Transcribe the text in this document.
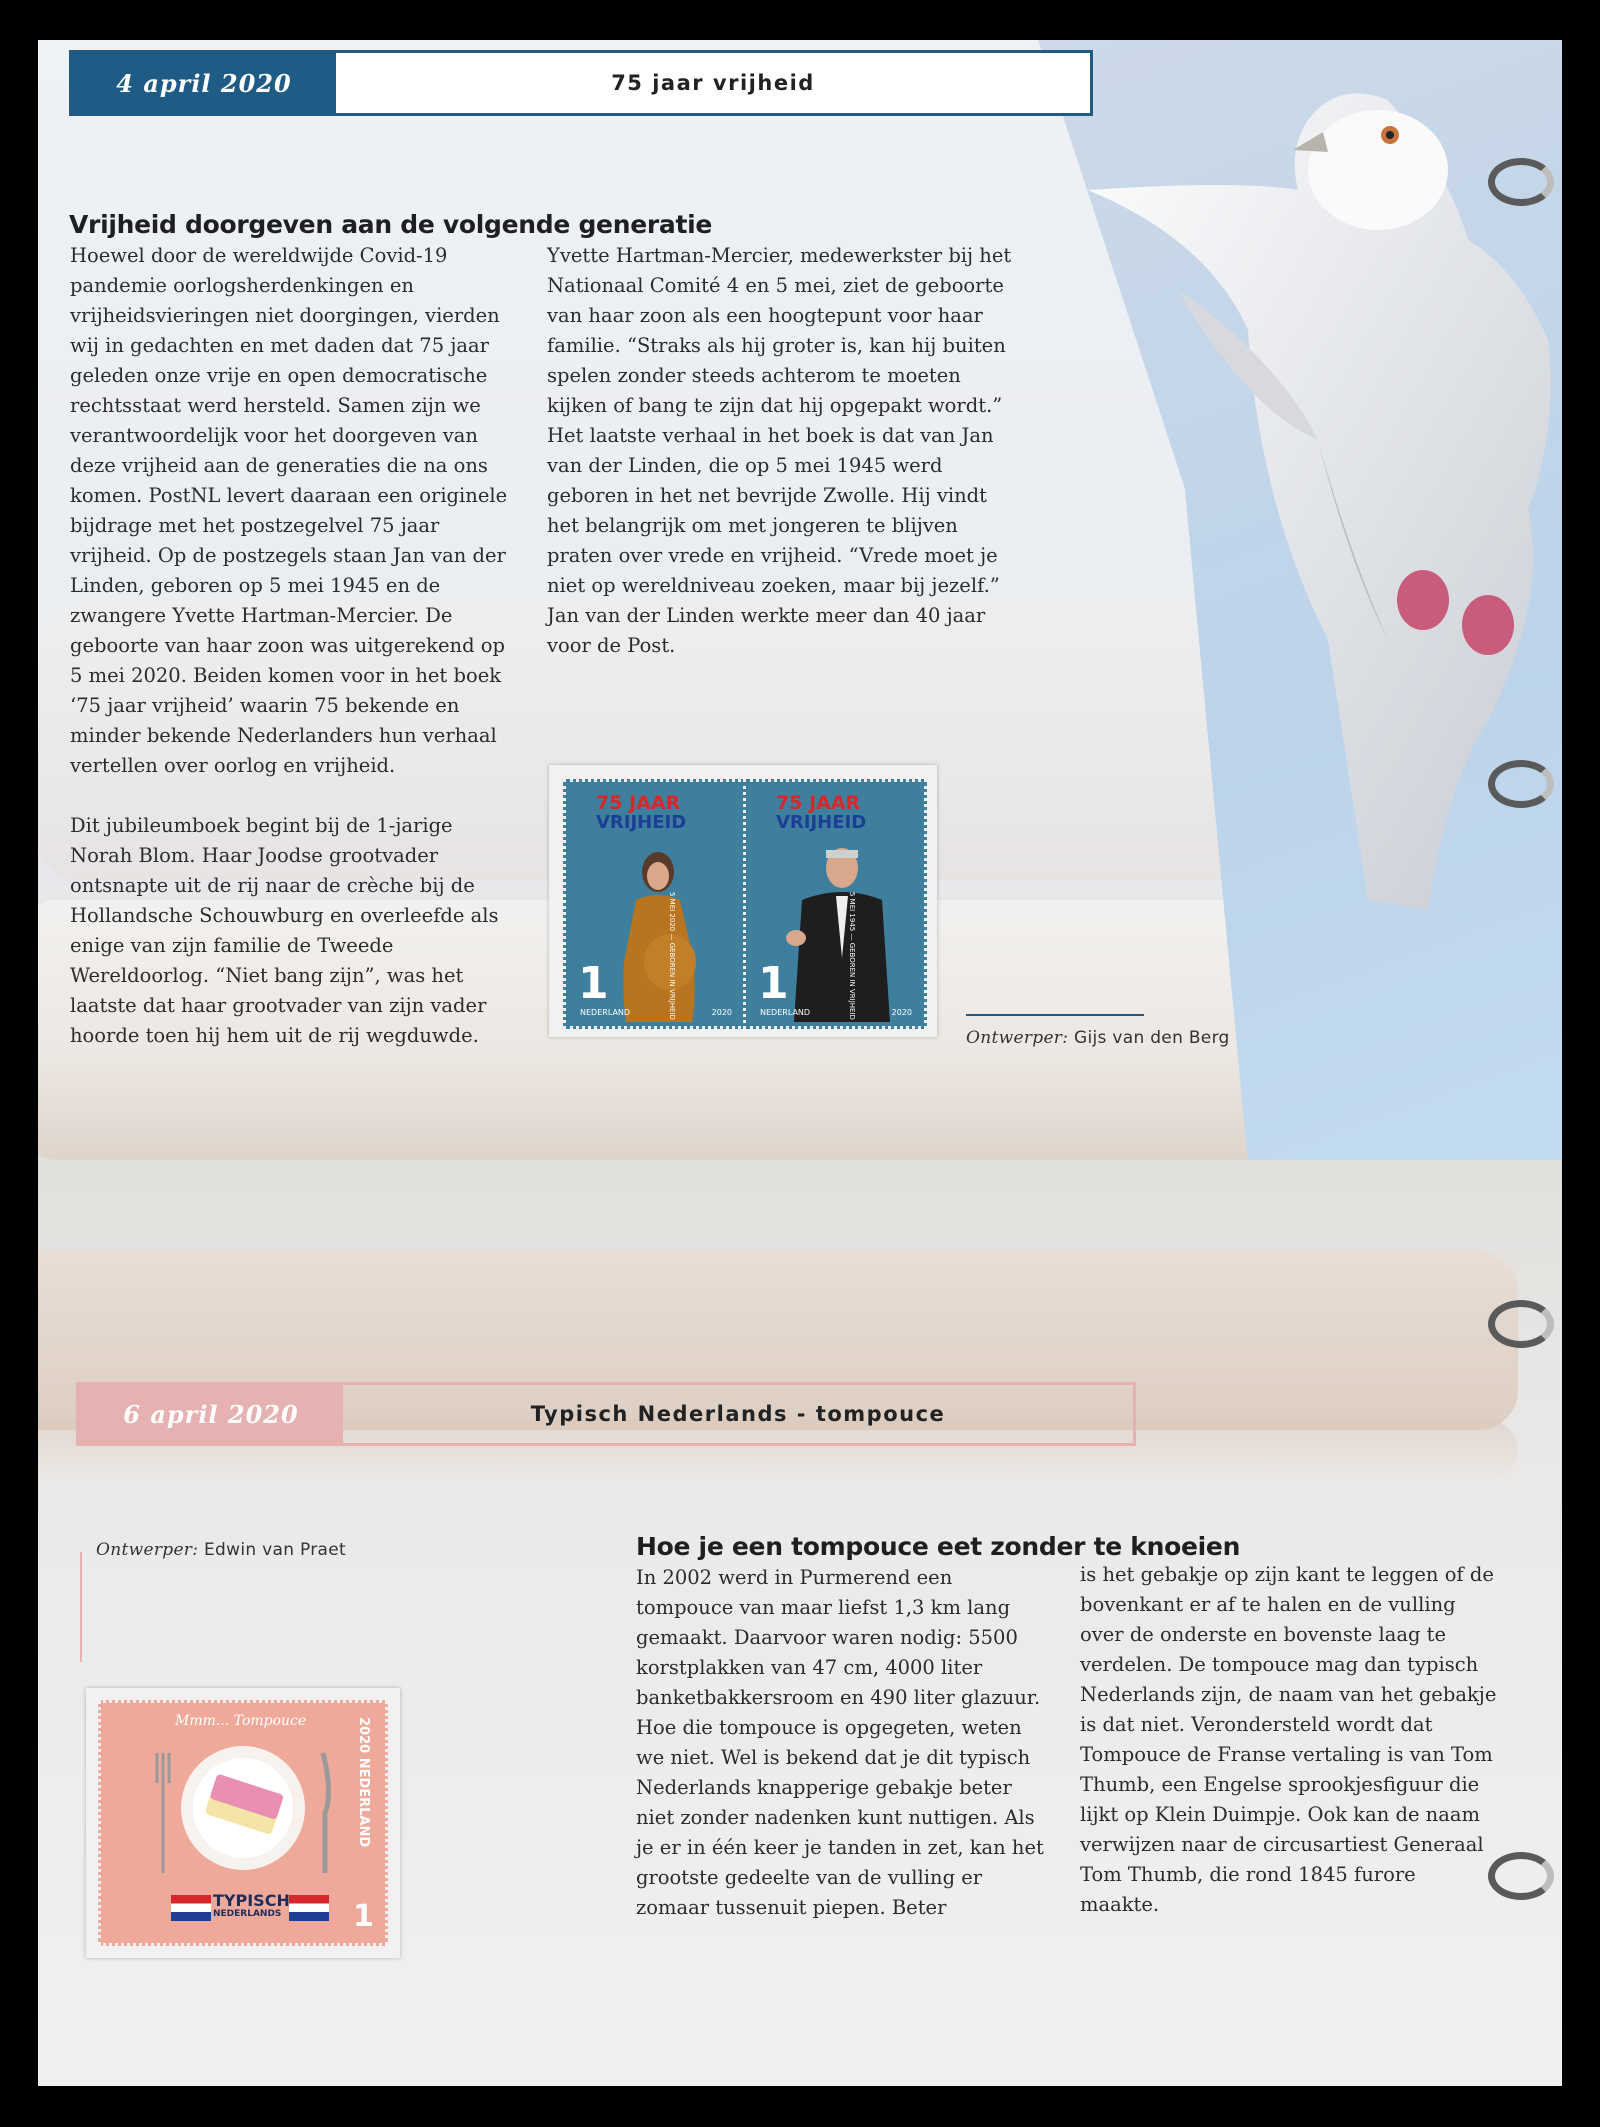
4 april 2020	75 jaar vrijheid
Vrijheid doorgeven aan de volgende generatie

Hoewel door de wereldwijde Covid-19 pandemie oorlogsherdenkingen en vrijheidsvieringen niet doorgingen, vierden wij in gedachten en met daden dat 75 jaar geleden onze vrije en open democratische rechtsstaat werd hersteld. Samen zijn we verantwoordelijk voor het doorgeven van deze vrijheid aan de generaties die na ons komen. PostNL levert daaraan een originele bijdrage met het postzegelvel 75 jaar vrijheid. Op de postzegels staan Jan van der Linden, geboren op 5 mei 1945 en de zwangere Yvette Hartman-Mercier. De geboorte van haar zoon was uitgerekend op 5 mei 2020. Beiden komen voor in het boek ‘75 jaar vrijheid’ waarin 75 bekende en minder bekende Nederlanders hun verhaal vertellen over oorlog en vrijheid.

Dit jubileumboek begint bij de 1-jarige Norah Blom. Haar Joodse grootvader ontsnapte uit de rij naar de crèche bij de Hollandsche Schouwburg en overleefde als enige van zijn familie de Tweede Wereldoorlog. “Niet bang zijn”, was het laatste dat haar grootvader van zijn vader hoorde toen hij hem uit de rij wegduwde.

Yvette Hartman-Mercier, medewerkster bij het Nationaal Comité 4 en 5 mei, ziet de geboorte van haar zoon als een hoogtepunt voor haar familie. “Straks als hij groter is, kan hij buiten spelen zonder steeds achterom te moeten kijken of bang te zijn dat hij opgepakt wordt.” Het laatste verhaal in het boek is dat van Jan van der Linden, die op 5 mei 1945 werd geboren in het net bevrijde Zwolle. Hij vindt het belangrijk om met jongeren te blijven praten over vrede en vrijheid. “Vrede moet je niet op wereldniveau zoeken, maar bij jezelf.” Jan van der Linden werkte meer dan 40 jaar voor de Post.

75 JAAR
VRIJHEID
1
NEDERLAND	2020
5 MEI 2020 — GEBOREN IN VRIJHEID
75 JAAR
VRIJHEID
1
NEDERLAND	2020
5 MEI 1945 — GEBOREN IN VRIJHEID
Ontwerper: Gijs van den Berg
6 april 2020	Typisch Nederlands - tompouce
Ontwerper: Edwin van Praet
Mmm... Tompouce	2020 NEDERLAND
1
TYPISCH
NEDERLANDS
Hoe je een tompouce eet zonder te knoeien

In 2002 werd in Purmerend een tompouce van maar liefst 1,3 km lang gemaakt. Daarvoor waren nodig: 5500 korstplakken van 47 cm, 4000 liter banketbakkersroom en 490 liter glazuur. Hoe die tompouce is opgegeten, weten we niet. Wel is bekend dat je dit typisch Nederlands knapperige gebakje beter niet zonder nadenken kunt nuttigen. Als je er in één keer je tanden in zet, kan het grootste gedeelte van de vulling er zomaar tussenuit piepen. Beter

is het gebakje op zijn kant te leggen of de bovenkant er af te halen en de vulling over de onderste en bovenste laag te verdelen. De tompouce mag dan typisch Nederlands zijn, de naam van het gebakje is dat niet. Verondersteld wordt dat Tompouce de Franse vertaling is van Tom Thumb, een Engelse sprookjesfiguur die lijkt op Klein Duimpje. Ook kan de naam verwijzen naar de circusartiest Generaal Tom Thumb, die rond 1845 furore maakte.
